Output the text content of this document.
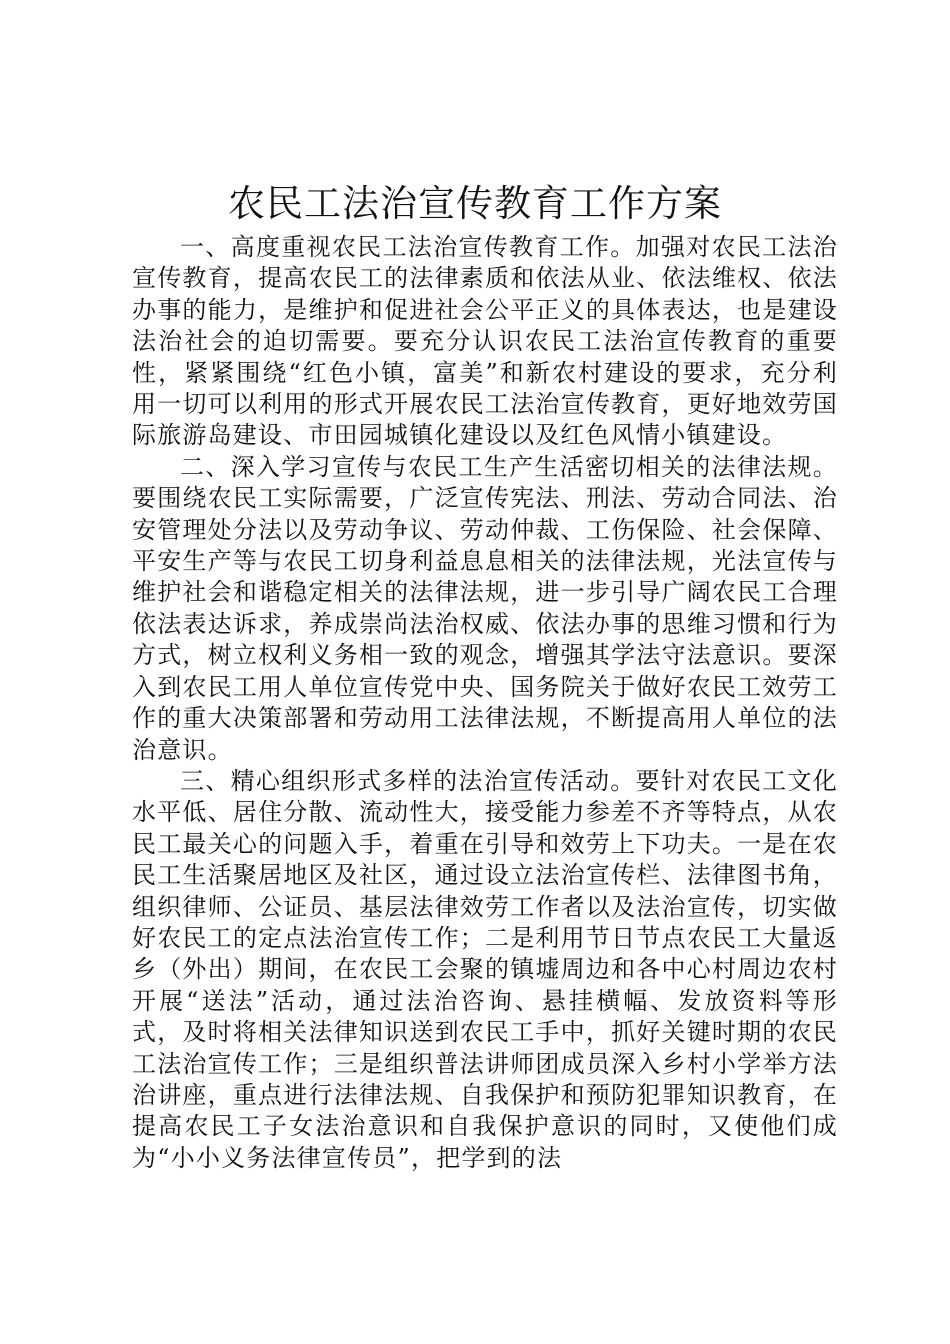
农民工法治宣传教育工作方案

一、高度重视农民工法治宣传教育工作。加强对农民工法治宣传教育，提高农民工的法律素质和依法从业、依法维权、依法办事的能力，是维护和促进社会公平正义的具体表达，也是建设法治社会的迫切需要。要充分认识农民工法治宣传教育的重要性，紧紧围绕“红色小镇，富美”和新农村建设的要求，充分利用一切可以利用的形式开展农民工法治宣传教育，更好地效劳国际旅游岛建设、市田园城镇化建设以及红色风情小镇建设。

二、深入学习宣传与农民工生产生活密切相关的法律法规。要围绕农民工实际需要，广泛宣传宪法、刑法、劳动合同法、治安管理处分法以及劳动争议、劳动仲裁、工伤保险、社会保障、平安生产等与农民工切身利益息息相关的法律法规，光法宣传与维护社会和谐稳定相关的法律法规，进一步引导广阔农民工合理依法表达诉求，养成崇尚法治权威、依法办事的思维习惯和行为方式，树立权利义务相一致的观念，增强其学法守法意识。要深入到农民工用人单位宣传党中央、国务院关于做好农民工效劳工作的重大决策部署和劳动用工法律法规，不断提高用人单位的法治意识。

三、精心组织形式多样的法治宣传活动。要针对农民工文化水平低、居住分散、流动性大，接受能力参差不齐等特点，从农民工最关心的问题入手，着重在引导和效劳上下功夫。一是在农民工生活聚居地区及社区，通过设立法治宣传栏、法律图书角，组织律师、公证员、基层法律效劳工作者以及法治宣传，切实做好农民工的定点法治宣传工作；二是利用节日节点农民工大量返乡（外出）期间，在农民工会聚的镇墟周边和各中心村周边农村开展“送法”活动，通过法治咨询、悬挂横幅、发放资料等形式，及时将相关法律知识送到农民工手中，抓好关键时期的农民工法治宣传工作；三是组织普法讲师团成员深入乡村小学举方法治讲座，重点进行法律法规、自我保护和预防犯罪知识教育，在提高农民工子女法治意识和自我保护意识的同时，又使他们成为“小小义务法律宣传员”，把学到的法
